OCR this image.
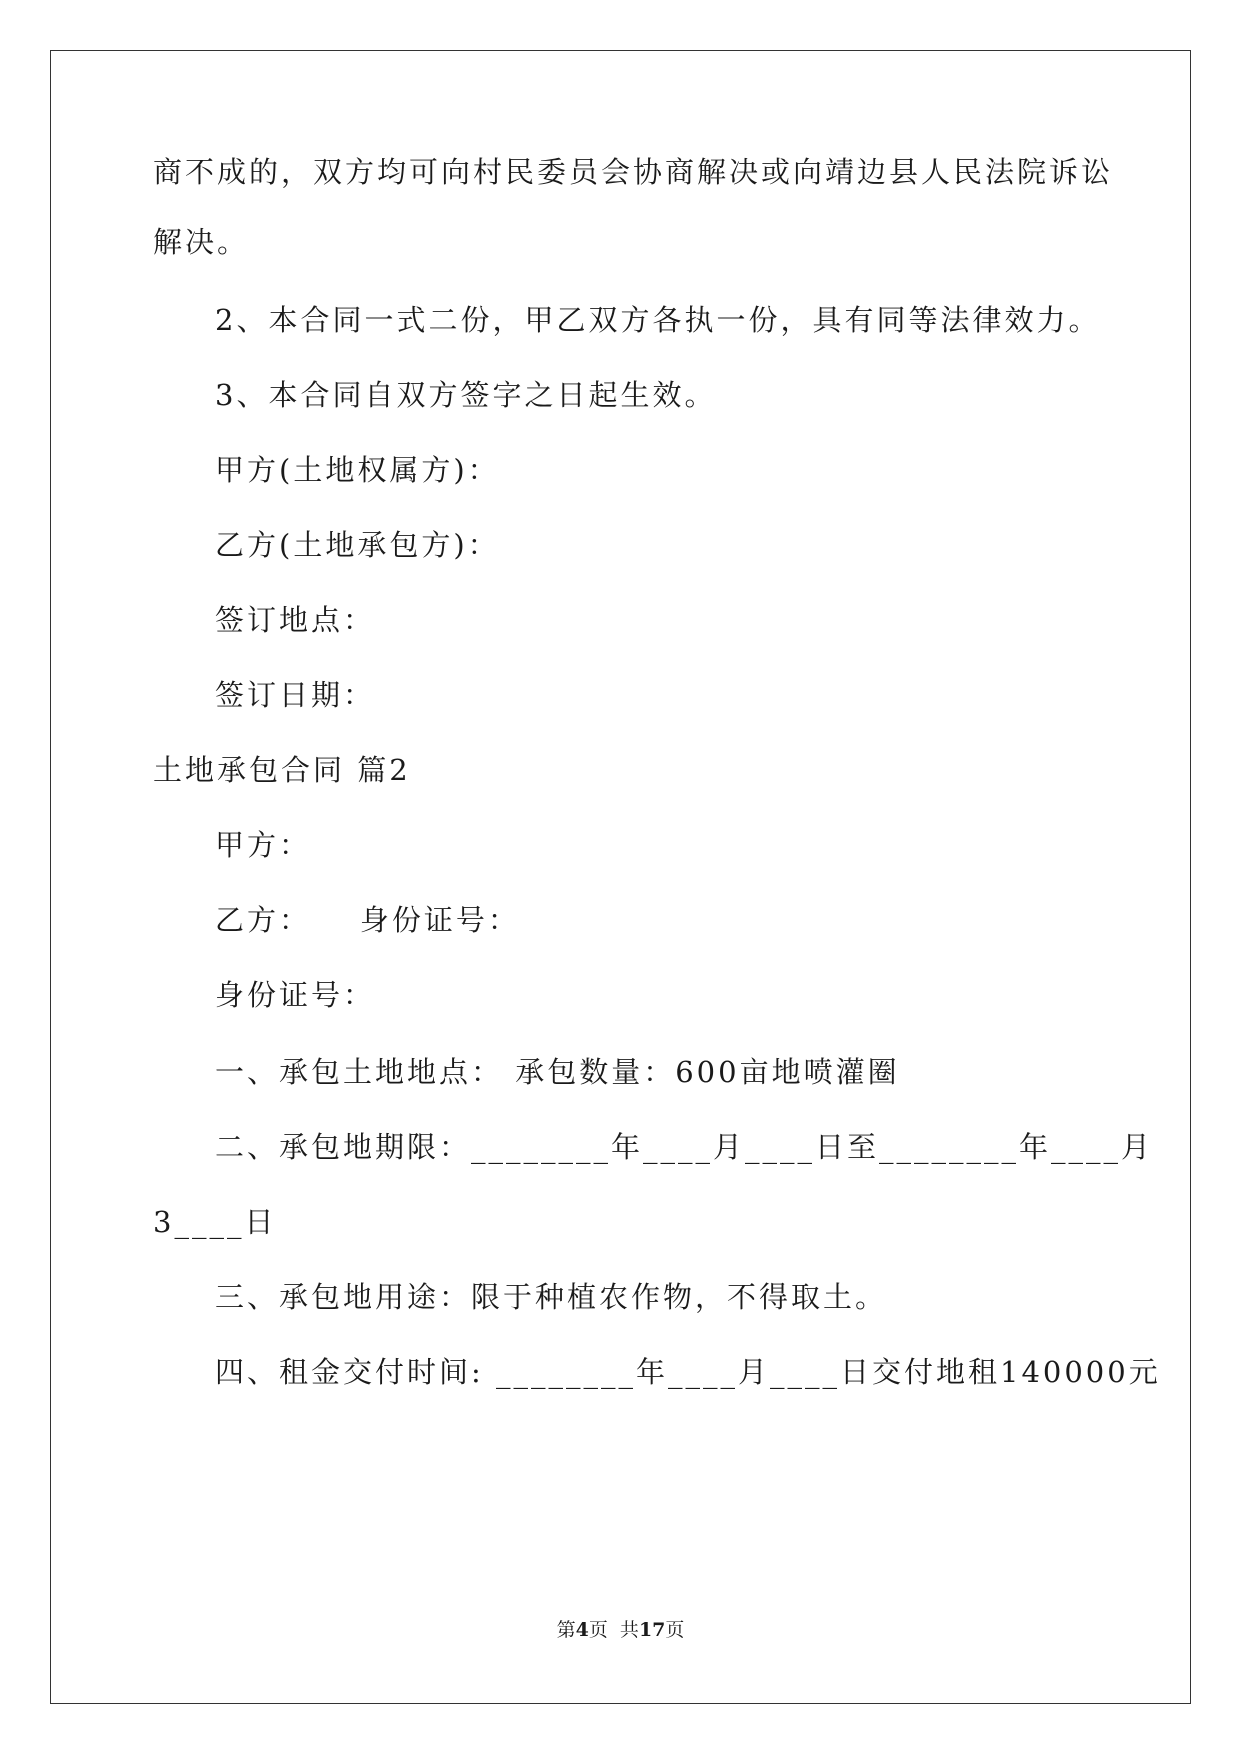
商不成的，双方均可向村民委员会协商解决或向靖边县人民法院诉讼
解决。
2、本合同一式二份，甲乙双方各执一份，具有同等法律效力。
3、本合同自双方签字之日起生效。
甲方(土地权属方)：
乙方(土地承包方)：
签订地点：
签订日期：
土地承包合同 篇2
甲方：
乙方：    身份证号：
身份证号：
一、承包土地地点： 承包数量：600亩地喷灌圈
二、承包地期限：________年____月____日至________年____月
3____日
三、承包地用途：限于种植农作物，不得取土。
四、租金交付时间: ________年____月____日交付地租140000元
第4页  共17页
